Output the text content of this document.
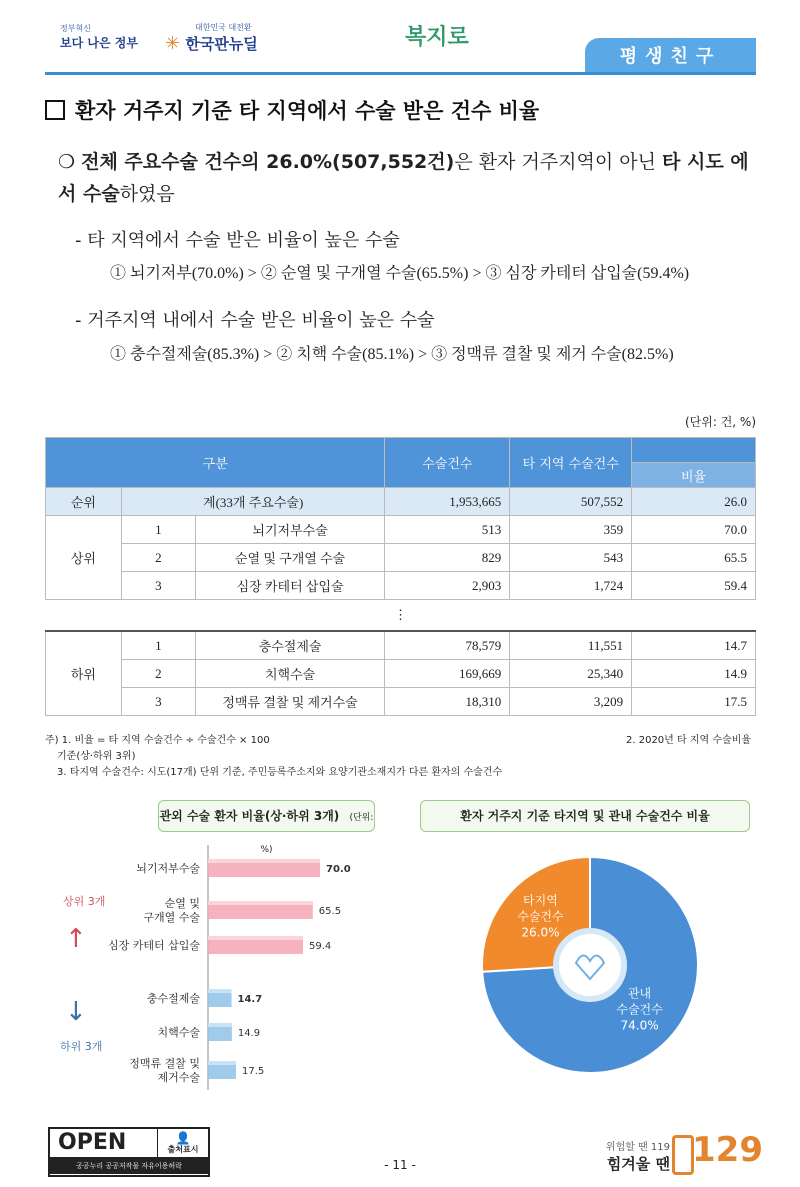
정부혁신
보다 나은 정부
대한민국 대전환
✳ 한국판뉴딜	복지로
평생친구
환자 거주지 기준 타 지역에서 수술 받은 건수 비율
❍ 전체 주요수술 건수의 26.0%(507,552건)은 환자 거주지역이 아닌 타 시도 에서 수술하였음
- 타 지역에서 수술 받은 비율이 높은 수술
① 뇌기저부(70.0%) > ② 순열 및 구개열 수술(65.5%) > ③ 심장 카테터 삽입술(59.4%)
- 거주지역 내에서 수술 받은 비율이 높은 수술
① 충수절제술(85.3%) > ② 치핵 수술(85.1%) > ③ 정맥류 결찰 및 제거 수술(82.5%)
(단위: 건, %)
구분			수술건수	타 지역 수술건수	
					비율
순위	계(33개 주요수술)		1,953,665	507,552	26.0
상위	1	뇌기저부수술	513	359	70.0
	2	순열 및 구개열 수술	829	543	65.5
	3	심장 카테터 삽입술	2,903	1,724	59.4
⋮					
하위	1	충수절제술	78,579	11,551	14.7
	2	치핵수술	169,669	25,340	14.9
	3	정맥류 결찰 및 제거수술	18,310	3,209	17.5
주) 1. 비율 = 타 지역 수술건수 ÷ 수술건수 × 100	2. 2020년 타 지역 수술비율
기준(상·하위 3위)
3. 타지역 수술건수: 시도(17개) 단위 기준, 주민등록주소지와 요양기관소재지가 다른 환자의 수술건수
관외 수술 환자 비율(상·하위 3개) (단위: %)
상위 3개
↑
↓
하위 3개
70.0
뇌기저부수술
65.5
순열 및
구개열 수술
59.4
심장 카테터 삽입술
14.7
충수절제술
14.9
치핵수술
17.5
정맥류 결찰 및
제거수술
환자 거주지 기준 타지역 및 관내 수술건수 비율
관내
수술건수
74.0%
타지역
수술건수
26.0%
OPEN	👤
출처표시
공공누리 공공저작물 자유이용허락	- 11 -
위험할 땐 119
힘겨울 땐 129
